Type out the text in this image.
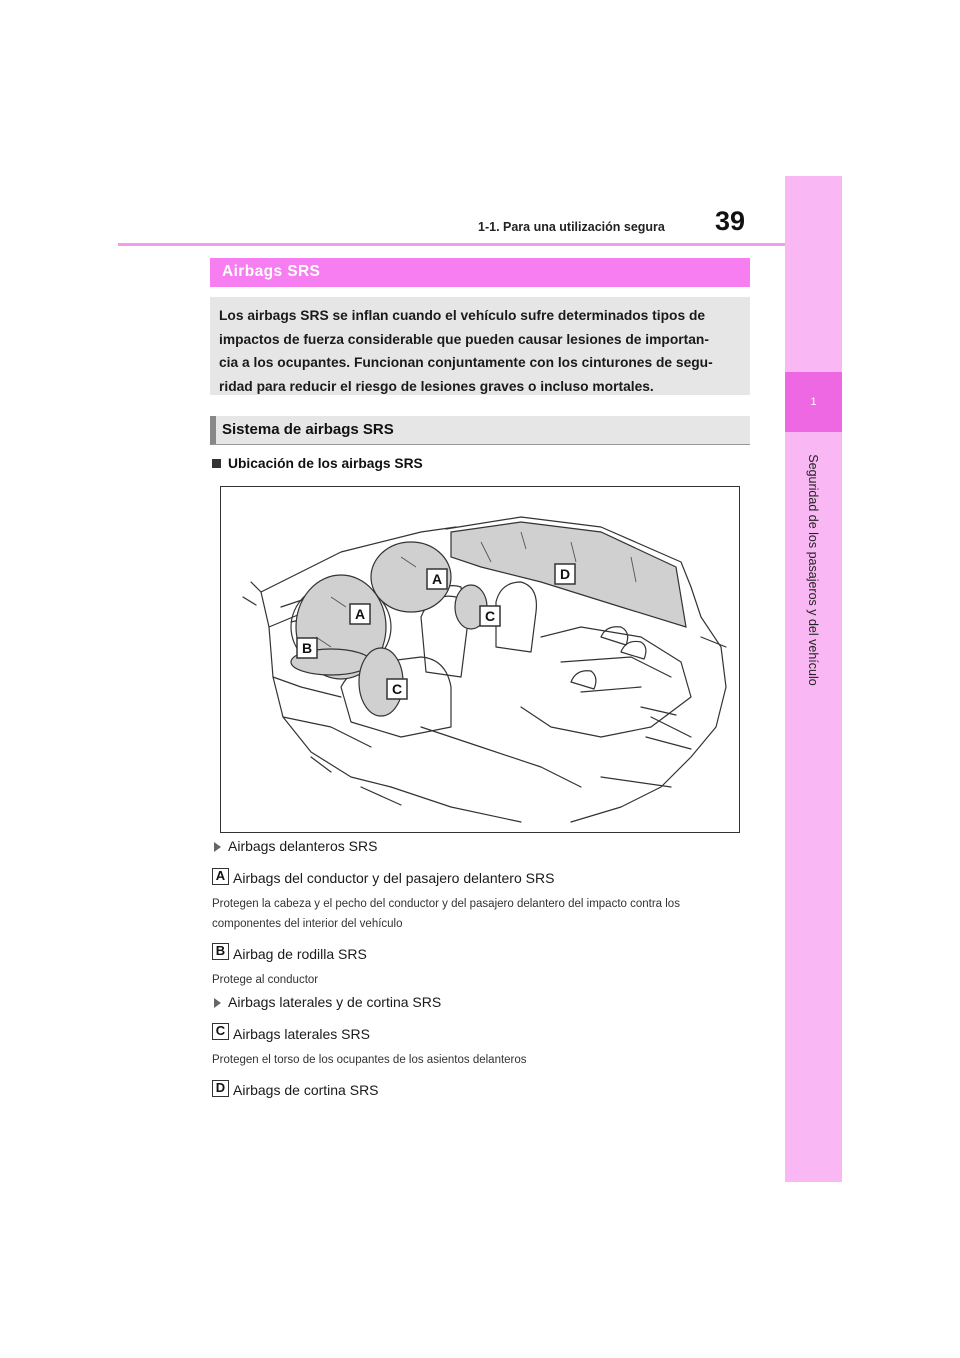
1
Seguridad de los pasajeros y del vehículo
39
1-1. Para una utilización segura
Airbags SRS
Los airbags SRS se inflan cuando el vehículo sufre determinados tipos de
impactos de fuerza considerable que pueden causar lesiones de importan-
cia a los ocupantes. Funcionan conjuntamente con los cinturones de segu-
ridad para reducir el riesgo de lesiones graves o incluso mortales.
Sistema de airbags SRS
Ubicación de los airbags SRS
A
A
B
C
C
D
Airbags delanteros SRS
A Airbags del conductor y del pasajero delantero SRS
Protegen la cabeza y el pecho del conductor y del pasajero delantero del impacto contra los
componentes del interior del vehículo
B Airbag de rodilla SRS
Protege al conductor
Airbags laterales y de cortina SRS
C Airbags laterales SRS
Protegen el torso de los ocupantes de los asientos delanteros
D Airbags de cortina SRS
